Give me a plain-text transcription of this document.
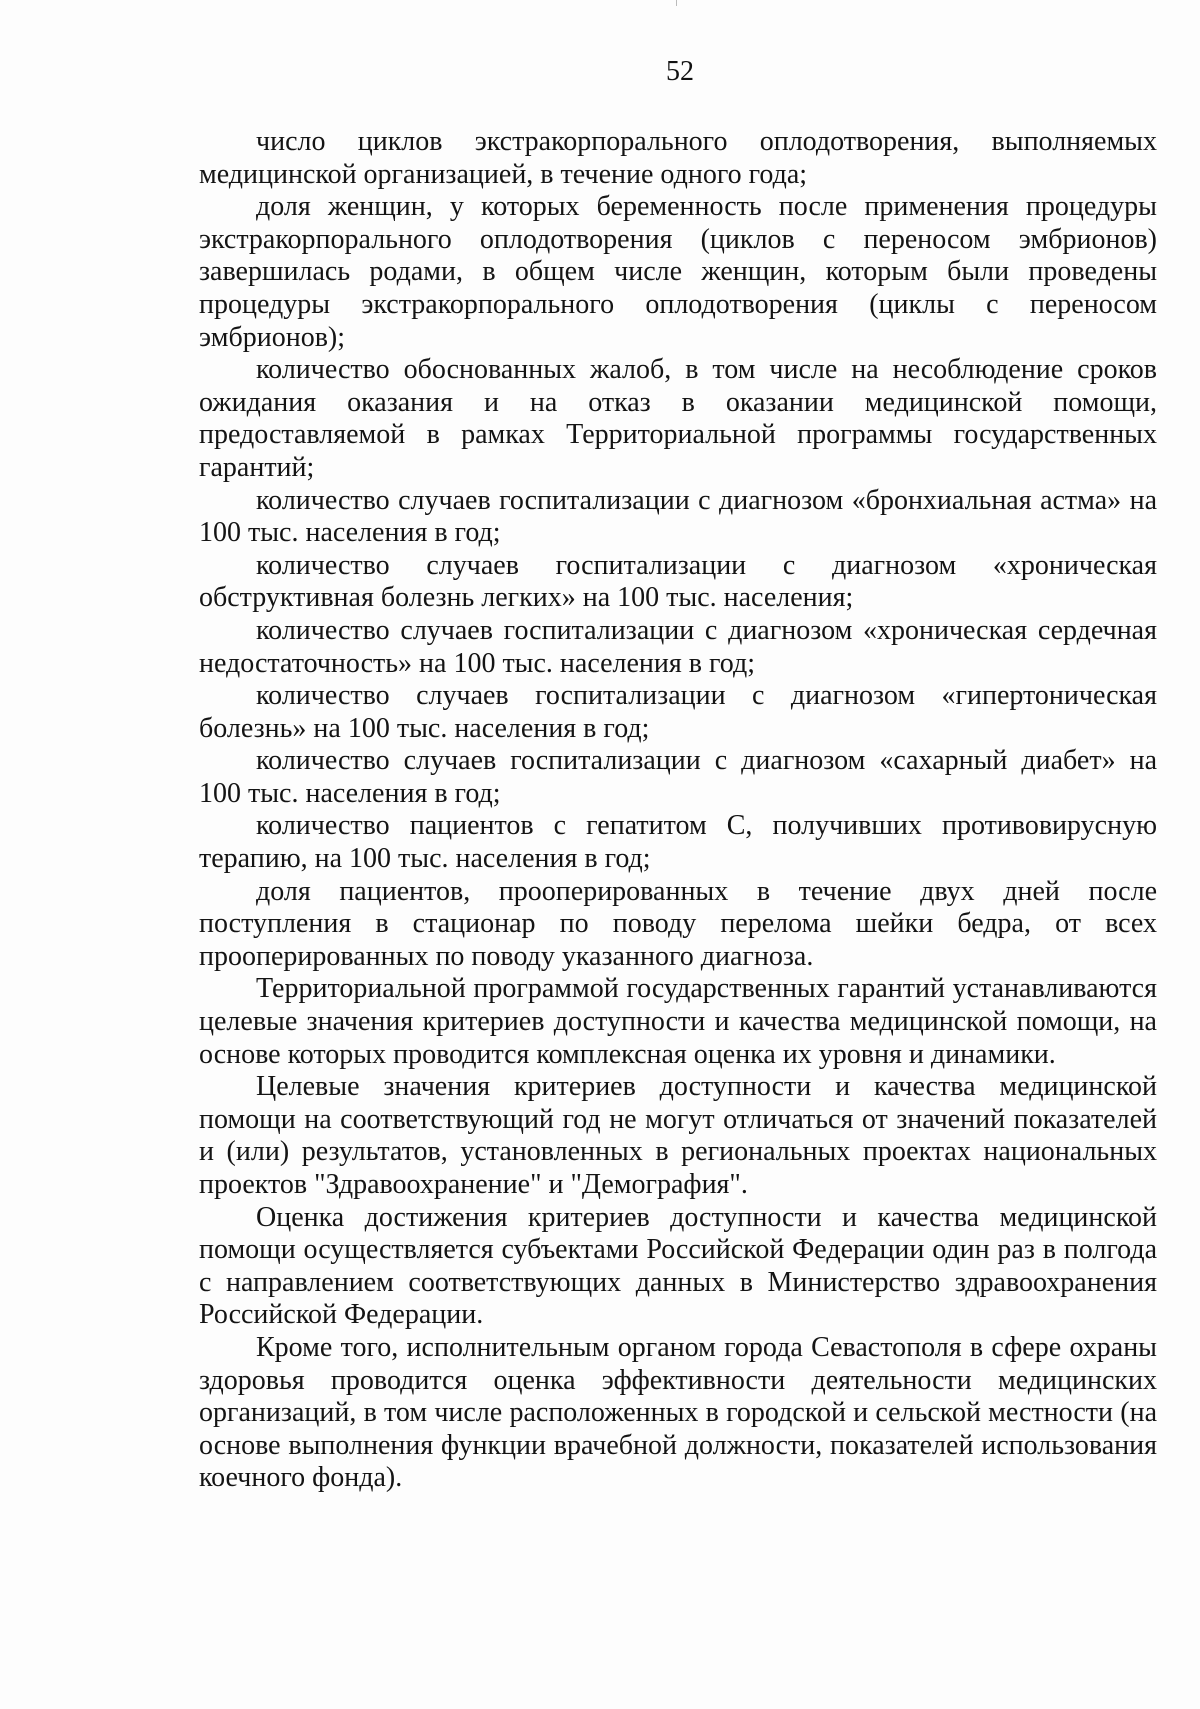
52

число циклов экстракорпорального оплодотворения, выполняемых медицинской организацией, в течение одного года;

доля женщин, у которых беременность после применения процедуры экстракорпорального оплодотворения (циклов с переносом эмбрионов) завершилась родами, в общем числе женщин, которым были проведены процедуры экстракорпорального оплодотворения (циклы с переносом эмбрионов);

количество обоснованных жалоб, в том числе на несоблюдение сроков ожидания оказания и на отказ в оказании медицинской помощи, предоставляемой в рамках Территориальной программы государственных гарантий;

количество случаев госпитализации с диагнозом «бронхиальная астма» на 100 тыс. населения в год;

количество случаев госпитализации с диагнозом «хроническая обструктивная болезнь легких» на 100 тыс. населения;

количество случаев госпитализации с диагнозом «хроническая сердечная недостаточность» на 100 тыс. населения в год;

количество случаев госпитализации с диагнозом «гипертоническая болезнь» на 100 тыс. населения в год;

количество случаев госпитализации с диагнозом «сахарный диабет» на 100 тыс. населения в год;

количество пациентов с гепатитом С, получивших противовирусную терапию, на 100 тыс. населения в год;

доля пациентов, прооперированных в течение двух дней после поступления в стационар по поводу перелома шейки бедра, от всех прооперированных по поводу указанного диагноза.

Территориальной программой государственных гарантий устанавливаются целевые значения критериев доступности и качества медицинской помощи, на основе которых проводится комплексная оценка их уровня и динамики.

Целевые значения критериев доступности и качества медицинской помощи на соответствующий год не могут отличаться от значений показателей и (или) результатов, установленных в региональных проектах национальных проектов "Здравоохранение" и "Демография".

Оценка достижения критериев доступности и качества медицинской помощи осуществляется субъектами Российской Федерации один раз в полгода с направлением соответствующих данных в Министерство здравоохранения Российской Федерации.

Кроме того, исполнительным органом города Севастополя в сфере охраны здоровья проводится оценка эффективности деятельности медицинских организаций, в том числе расположенных в городской и сельской местности (на основе выполнения функции врачебной должности, показателей использования коечного фонда).
